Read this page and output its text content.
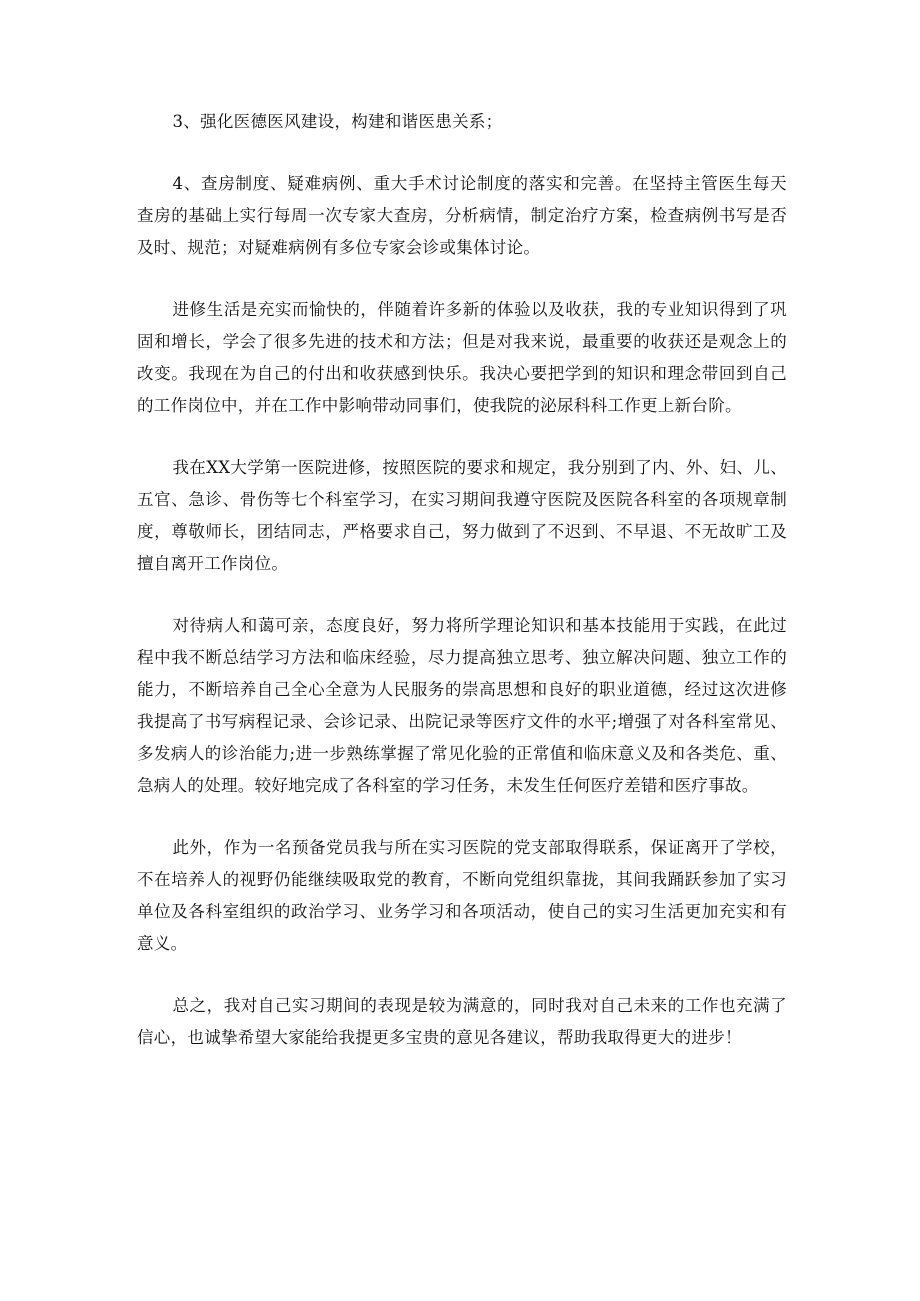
3、强化医德医风建设，构建和谐医患关系；

4、查房制度、疑难病例、重大手术讨论制度的落实和完善。在坚持主管医生每天查房的基础上实行每周一次专家大查房，分析病情，制定治疗方案，检查病例书写是否及时、规范；对疑难病例有多位专家会诊或集体讨论。

进修生活是充实而愉快的，伴随着许多新的体验以及收获，我的专业知识得到了巩固和增长，学会了很多先进的技术和方法；但是对我来说，最重要的收获还是观念上的改变。我现在为自己的付出和收获感到快乐。我决心要把学到的知识和理念带回到自己的工作岗位中，并在工作中影响带动同事们，使我院的泌尿科科工作更上新台阶。

我在XX大学第一医院进修，按照医院的要求和规定，我分别到了内、外、妇、儿、五官、急诊、骨伤等七个科室学习，在实习期间我遵守医院及医院各科室的各项规章制度，尊敬师长，团结同志，严格要求自己，努力做到了不迟到、不早退、不无故旷工及擅自离开工作岗位。

对待病人和蔼可亲，态度良好，努力将所学理论知识和基本技能用于实践，在此过程中我不断总结学习方法和临床经验，尽力提高独立思考、独立解决问题、独立工作的能力，不断培养自己全心全意为人民服务的崇高思想和良好的职业道德，经过这次进修我提高了书写病程记录、会诊记录、出院记录等医疗文件的水平;增强了对各科室常见、多发病人的诊治能力;进一步熟练掌握了常见化验的正常值和临床意义及和各类危、重、急病人的处理。较好地完成了各科室的学习任务，未发生任何医疗差错和医疗事故。

此外，作为一名预备党员我与所在实习医院的党支部取得联系，保证离开了学校，不在培养人的视野仍能继续吸取党的教育，不断向党组织靠拢，其间我踊跃参加了实习单位及各科室组织的政治学习、业务学习和各项活动，使自己的实习生活更加充实和有意义。

总之，我对自己实习期间的表现是较为满意的，同时我对自己未来的工作也充满了信心，也诚挚希望大家能给我提更多宝贵的意见各建议，帮助我取得更大的进步！
